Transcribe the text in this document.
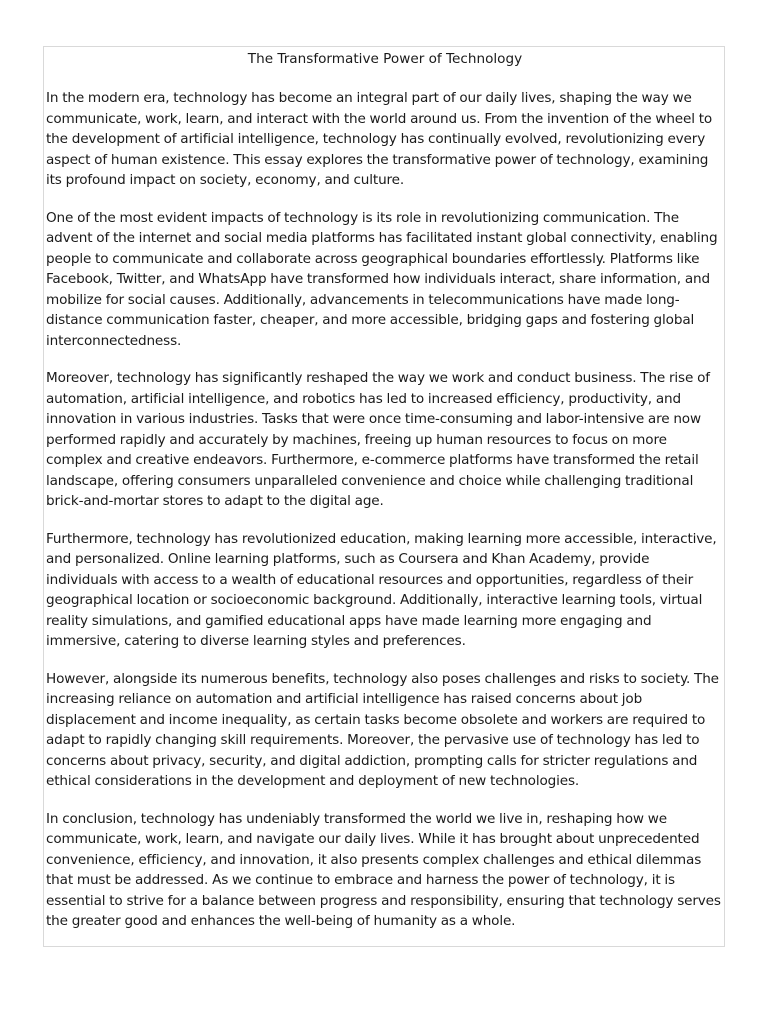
The Transformative Power of Technology

In the modern era, technology has become an integral part of our daily lives, shaping the way we communicate, work, learn, and interact with the world around us. From the invention of the wheel to the development of artificial intelligence, technology has continually evolved, revolutionizing every aspect of human existence. This essay explores the transformative power of technology, examining its profound impact on society, economy, and culture.

One of the most evident impacts of technology is its role in revolutionizing communication. The advent of the internet and social media platforms has facilitated instant global connectivity, enabling people to communicate and collaborate across geographical boundaries effortlessly. Platforms like Facebook, Twitter, and WhatsApp have transformed how individuals interact, share information, and mobilize for social causes. Additionally, advancements in telecommunications have made long-distance communication faster, cheaper, and more accessible, bridging gaps and fostering global interconnectedness.

Moreover, technology has significantly reshaped the way we work and conduct business. The rise of automation, artificial intelligence, and robotics has led to increased efficiency, productivity, and innovation in various industries. Tasks that were once time-consuming and labor-intensive are now performed rapidly and accurately by machines, freeing up human resources to focus on more complex and creative endeavors. Furthermore, e-commerce platforms have transformed the retail landscape, offering consumers unparalleled convenience and choice while challenging traditional brick-and-mortar stores to adapt to the digital age.

Furthermore, technology has revolutionized education, making learning more accessible, interactive, and personalized. Online learning platforms, such as Coursera and Khan Academy, provide individuals with access to a wealth of educational resources and opportunities, regardless of their geographical location or socioeconomic background. Additionally, interactive learning tools, virtual reality simulations, and gamified educational apps have made learning more engaging and immersive, catering to diverse learning styles and preferences.

However, alongside its numerous benefits, technology also poses challenges and risks to society. The increasing reliance on automation and artificial intelligence has raised concerns about job displacement and income inequality, as certain tasks become obsolete and workers are required to adapt to rapidly changing skill requirements. Moreover, the pervasive use of technology has led to concerns about privacy, security, and digital addiction, prompting calls for stricter regulations and ethical considerations in the development and deployment of new technologies.

In conclusion, technology has undeniably transformed the world we live in, reshaping how we communicate, work, learn, and navigate our daily lives. While it has brought about unprecedented convenience, efficiency, and innovation, it also presents complex challenges and ethical dilemmas that must be addressed. As we continue to embrace and harness the power of technology, it is essential to strive for a balance between progress and responsibility, ensuring that technology serves the greater good and enhances the well-being of humanity as a whole.
